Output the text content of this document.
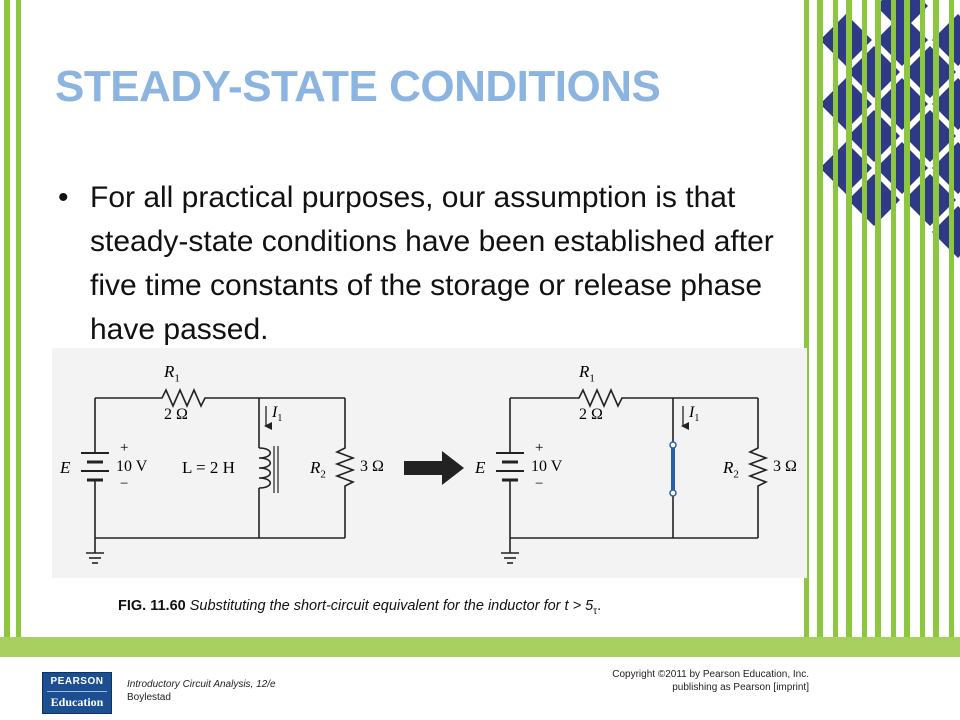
STEADY-STATE CONDITIONS
• For all practical purposes, our assumption is that steady-state conditions have been established after five time constants of the storage or release phase have passed.
$R_1$
2 Ω	$I_1$
E
+
10 V
−
L = 2 H	$R_2$ 3 Ω
$R_1$
2 Ω	$I_1$
E
+
10 V
−
$R_2$ 3 Ω
FIG. 11.60 Substituting the short-circuit equivalent for the inductor for $t > 5_\tau$.
PEARSON
Education
Introductory Circuit Analysis, 12/e
Boylestad
Copyright ©2011 by Pearson Education, Inc.
publishing as Pearson [imprint]
